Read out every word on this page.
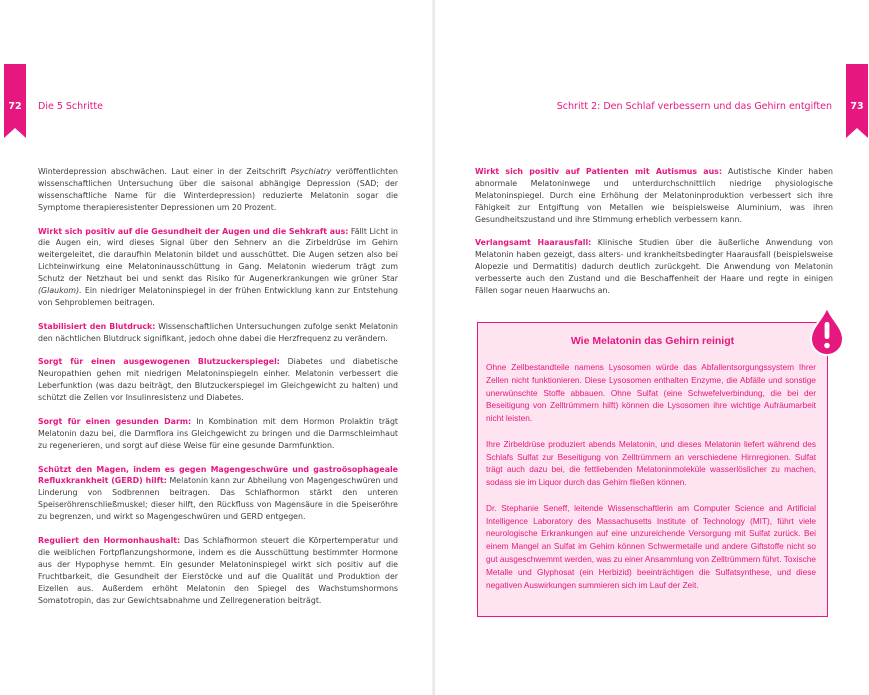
72	Die 5 Schritte

Winterdepression abschwächen. Laut einer in der Zeitschrift Psychiatry veröffentlichten wissenschaftlichen Untersuchung über die saisonal abhängige Depression (SAD; der wissenschaftliche Name für die Winterdepression) reduzierte Melatonin sogar die Symptome therapieresistenter Depressionen um 20 Prozent.

Wirkt sich positiv auf die Gesundheit der Augen und die Sehkraft aus: Fällt Licht in die Augen ein, wird dieses Signal über den Sehnerv an die Zirbeldrüse im Gehirn weitergeleitet, die daraufhin Melatonin bildet und ausschüttet. Die Augen setzen also bei Lichteinwirkung eine Melatoninausschüttung in Gang. Melatonin wiederum trägt zum Schutz der Netzhaut bei und senkt das Risiko für Augenerkrankungen wie grüner Star (Glaukom). Ein niedriger Melatoninspiegel in der frühen Entwicklung kann zur Entstehung von Sehproblemen beitragen.

Stabilisiert den Blutdruck: Wissenschaftlichen Untersuchungen zufolge senkt Melatonin den nächtlichen Blutdruck signifikant, jedoch ohne dabei die Herzfrequenz zu verändern.

Sorgt für einen ausgewogenen Blutzuckerspiegel: Diabetes und diabetische Neuropathien gehen mit niedrigen Melatoninspiegeln einher. Melatonin verbessert die Leberfunktion (was dazu beiträgt, den Blutzuckerspiegel im Gleichgewicht zu halten) und schützt die Zellen vor Insulinresistenz und Diabetes.

Sorgt für einen gesunden Darm: In Kombination mit dem Hormon Prolaktin trägt Melatonin dazu bei, die Darmflora ins Gleichgewicht zu bringen und die Darmschleimhaut zu regenerieren, und sorgt auf diese Weise für eine gesunde Darmfunktion.

Schützt den Magen, indem es gegen Magengeschwüre und gastroösophageale Refluxkrankheit (GERD) hilft: Melatonin kann zur Abheilung von Magengeschwüren und Linderung von Sodbrennen beitragen. Das Schlafhormon stärkt den unteren Speiseröhrenschließmuskel; dieser hilft, den Rückfluss von Magensäure in die Speiseröhre zu begrenzen, und wirkt so Magengeschwüren und GERD entgegen.

Reguliert den Hormonhaushalt: Das Schlafhormon steuert die Körpertemperatur und die weiblichen Fortpflanzungshormone, indem es die Ausschüttung bestimmter Hormone aus der Hypophyse hemmt. Ein gesunder Melatoninspiegel wirkt sich positiv auf die Fruchtbarkeit, die Gesundheit der Eierstöcke und auf die Qualität und Produktion der Eizellen aus. Außerdem erhöht Melatonin den Spiegel des Wachstumshormons Somatotropin, das zur Gewichtsabnahme und Zellregeneration beiträgt.

73
Schritt 2: Den Schlaf verbessern und das Gehirn entgiften

Wirkt sich positiv auf Patienten mit Autismus aus: Autistische Kinder haben abnormale Melatoninwege und unterdurchschnittlich niedrige physiologische Melatoninspiegel. Durch eine Erhöhung der Melatoninproduktion verbessert sich ihre Fähigkeit zur Entgiftung von Metallen wie beispielsweise Aluminium, was ihren Gesundheitszustand und ihre Stimmung erheblich verbessern kann.

Verlangsamt Haarausfall: Klinische Studien über die äußerliche Anwendung von Melatonin haben gezeigt, dass alters- und krankheitsbedingter Haarausfall (beispielsweise Alopezie und Dermatitis) dadurch deutlich zurückgeht. Die Anwendung von Melatonin verbesserte auch den Zustand und die Beschaffenheit der Haare und regte in einigen Fällen sogar neuen Haarwuchs an.

Wie Melatonin das Gehirn reinigt

Ohne Zellbestandteile namens Lysosomen würde das Abfallentsorgungssystem Ihrer Zellen nicht funktionieren. Diese Lysosomen enthalten Enzyme, die Abfälle und sonstige unerwünschte Stoffe abbauen. Ohne Sulfat (eine Schwefelverbindung, die bei der Beseitigung von Zelltrümmern hilft) können die Lysosomen ihre wichtige Aufräumarbeit nicht leisten.

Ihre Zirbeldrüse produziert abends Melatonin, und dieses Melatonin liefert während des Schlafs Sulfat zur Beseitigung von Zelltrümmern an verschiedene Hirnregionen. Sulfat trägt auch dazu bei, die fettliebenden Melatoninmoleküle wasserlöslicher zu machen, sodass sie im Liquor durch das Gehirn fließen können.

Dr. Stephanie Seneff, leitende Wissenschaftlerin am Computer Science and Artificial Intelligence Laboratory des Massachusetts Institute of Technology (MIT), führt viele neurologische Erkrankungen auf eine unzureichende Versorgung mit Sulfat zurück. Bei einem Mangel an Sulfat im Gehirn können Schwermetalle und andere Giftstoffe nicht so gut ausgeschwemmt werden, was zu einer Ansammlung von Zelltrümmern führt. Toxische Metalle und Glyphosat (ein Herbizid) beeinträchtigen die Sulfatsynthese, und diese negativen Auswirkungen summieren sich im Lauf der Zeit.
